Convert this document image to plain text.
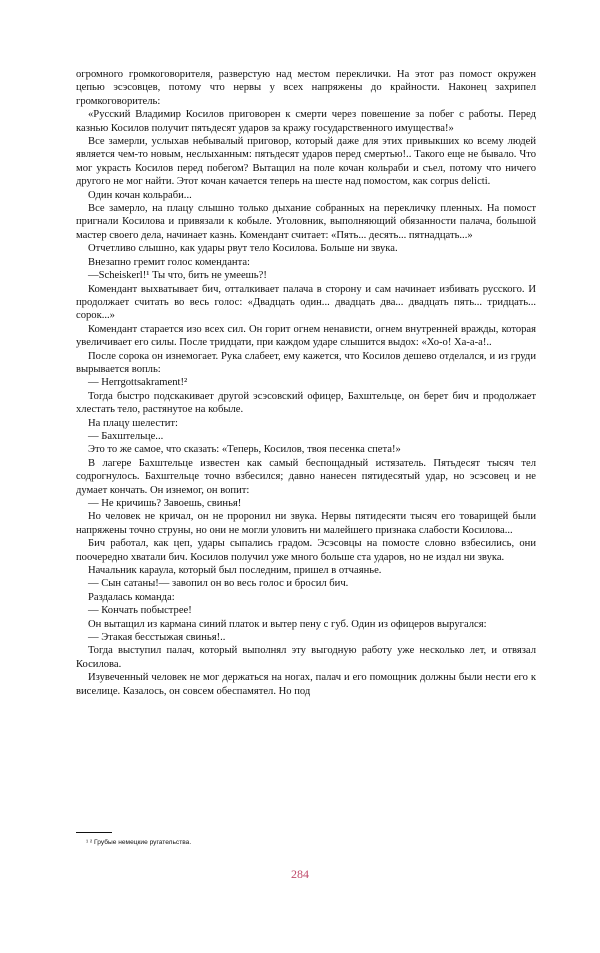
огромного громкоговорителя, разверстую над местом переклички. На этот раз помост окружен цепью эсэсовцев, потому что нервы у всех напряжены до крайности. Наконец захрипел громкоговоритель:

«Русский Владимир Косилов приговорен к смерти через повешение за побег с работы. Перед казнью Косилов получит пятьдесят ударов за кражу государственного имущества!»

Все замерли, услыхав небывалый приговор, который даже для этих привыкших ко всему людей является чем-то новым, неслыханным: пятьдесят ударов перед смертью!.. Такого еще не бывало. Что мог украсть Косилов перед побегом? Вытащил на поле кочан кольраби и съел, потому что ничего другого не мог найти. Этот кочан качается теперь на шесте над помостом, как corpus delicti.

Один кочан кольраби...

Все замерло, на плацу слышно только дыхание собранных на перекличку пленных. На помост пригнали Косилова и привязали к кобыле. Уголовник, выполняющий обязанности палача, большой мастер своего дела, начинает казнь. Комендант считает: «Пять... десять... пятнадцать...»

Отчетливо слышно, как удары рвут тело Косилова. Больше ни звука.

Внезапно гремит голос коменданта:

—Scheiskerl!¹ Ты что, бить не умеешь?!

Комендант выхватывает бич, отталкивает палача в сторону и сам начинает избивать русского. И продолжает считать во весь голос: «Двадцать один... двадцать два... двадцать пять... тридцать... сорок...»

Комендант старается изо всех сил. Он горит огнем ненависти, огнем внутренней вражды, которая увеличивает его силы. После тридцати, при каждом ударе слышится выдох: «Хо-о! Ха-а-а!..

После сорока он изнемогает. Рука слабеет, ему кажется, что Косилов дешево отделался, и из груди вырывается вопль:

— Herrgottsakrament!²

Тогда быстро подскакивает другой эсэсовский офицер, Бахштельце, он берет бич и продолжает хлестать тело, растянутое на кобыле.

На плацу шелестит:

— Бахштельце...

Это то же самое, что сказать: «Теперь, Косилов, твоя песенка спета!»

В лагере Бахштельце известен как самый беспощадный истязатель. Пятьдесят тысяч тел содрогнулось. Бахштельце точно взбесился; давно нанесен пятидесятый удар, но эсэсовец и не думает кончать. Он изнемог, он вопит:

— Не кричишь? Завоешь, свинья!

Но человек не кричал, он не проронил ни звука. Нервы пятидесяти тысяч его товарищей были напряжены точно струны, но они не могли уловить ни малейшего признака слабости Косилова...

Бич работал, как цеп, удары сыпались градом. Эсэсовцы на помосте словно взбесились, они поочередно хватали бич. Косилов получил уже много больше ста ударов, но не издал ни звука.

Начальник караула, который был последним, пришел в отчаянье.

— Сын сатаны!— завопил он во весь голос и бросил бич.

Раздалась команда:

— Кончать побыстрее!

Он вытащил из кармана синий платок и вытер пену с губ. Один из офицеров выругался:

— Этакая бесстыжая свинья!..

Тогда выступил палач, который выполнял эту выгодную работу уже несколько лет, и отвязал Косилова.

Изувеченный человек не мог держаться на ногах, палач и его помощник должны были нести его к виселице. Казалось, он совсем обеспамятел. Но под

¹ ² Грубые немецкие ругательства.
284
